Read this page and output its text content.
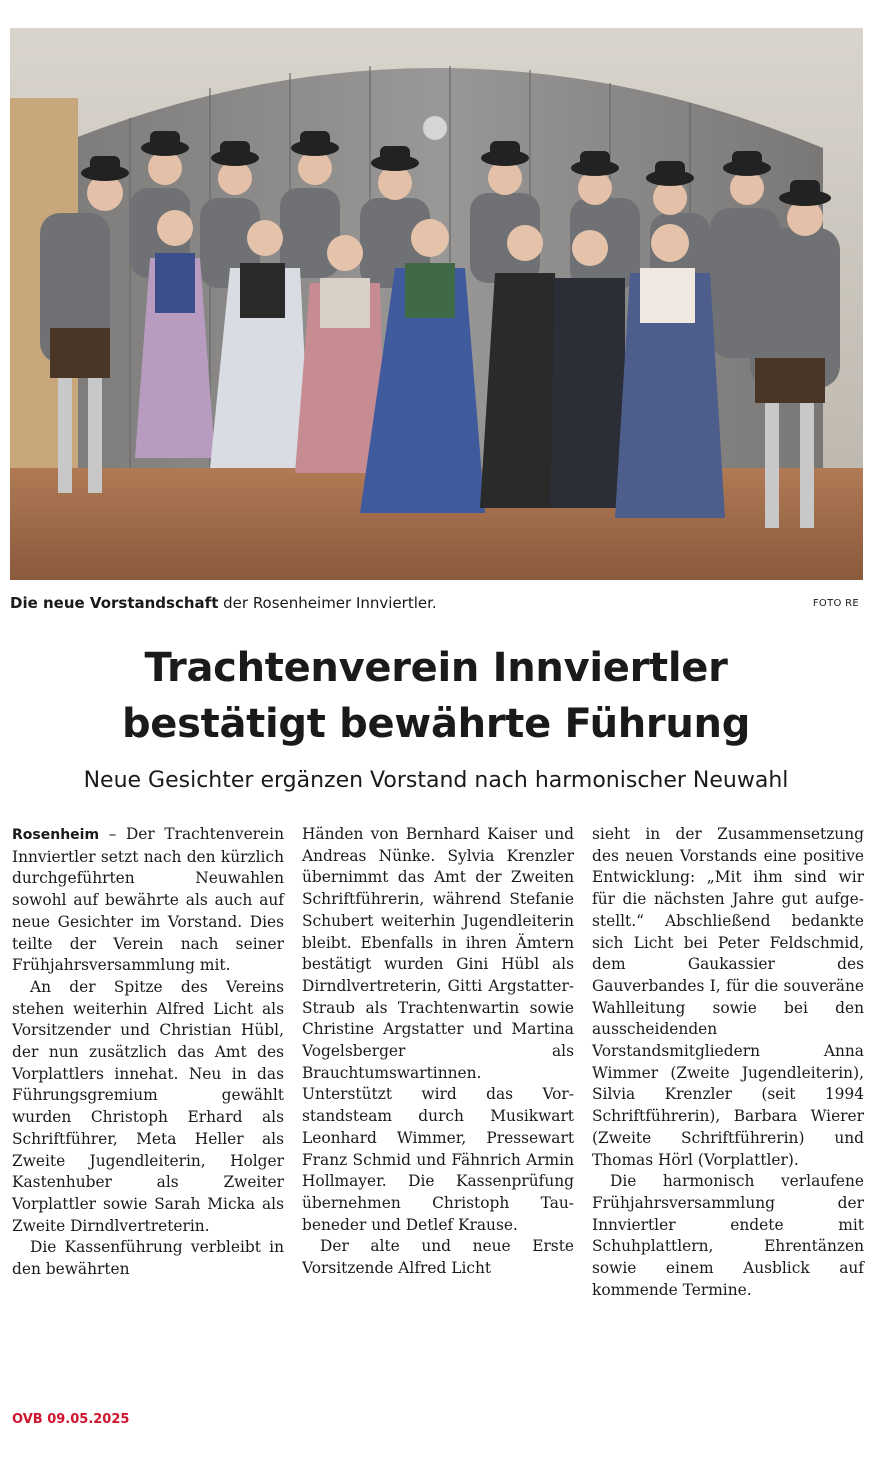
Die neue Vorstandschaft der Rosenheimer Innviertler.	FOTO RE
Trachtenverein Innviertler
bestätigt bewährte Führung
Neue Gesichter ergänzen Vorstand nach harmonischer Neuwahl

Rosenheim – Der Trachtenverein Innviertler setzt nach den kürzlich durchgeführten Neuwahlen sowohl auf bewährte als auch auf neue Gesichter im Vorstand. Dies teilte der Verein nach seiner Frühjahrsversammlung mit.

An der Spitze des Vereins stehen weiterhin Alfred Licht als Vorsitzender und Christian Hübl, der nun zusätzlich das Amt des Vorplattlers innehat. Neu in das Führungsgremium gewählt wurden Christoph Erhard als Schriftführer, Meta Heller als Zweite Jugendleiterin, Holger Kastenhuber als Zweiter Vorplattler sowie Sarah Micka als Zweite Dirndlvertreterin.

Die Kassenführung verbleibt in den bewährten

Händen von Bernhard Kaiser und Andreas Nünke. Sylvia Krenzler übernimmt das Amt der Zweiten Schriftführerin, während Stefanie Schubert weiterhin Jugendleiterin bleibt. Ebenfalls in ihren Ämtern bestätigt wurden Gini Hübl als Dirndlvertreterin, Gitti Argstatter-Straub als Trachtenwartin sowie Christine Argstatter und Martina Vogelsberger als Brauchtumswartinnen. Unterstützt wird das Vorstandsteam durch Musikwart Leonhard Wimmer, Pressewart Franz Schmid und Fähnrich Armin Hollmayer. Die Kassenprüfung übernehmen Christoph Taubeneder und Detlef Krause.

Der alte und neue Erste Vorsitzende Alfred Licht

sieht in der Zusammensetzung des neuen Vorstands eine positive Entwicklung: „Mit ihm sind wir für die nächsten Jahre gut aufgestellt.“ Abschließend bedankte sich Licht bei Peter Feldschmid, dem Gaukassier des Gauverbandes I, für die souveräne Wahlleitung sowie bei den ausscheidenden Vorstandsmitgliedern Anna Wimmer (Zweite Jugendleiterin), Silvia Krenzler (seit 1994 Schriftführerin), Barbara Wierer (Zweite Schriftführerin) und Thomas Hörl (Vorplattler).

Die harmonisch verlaufene Frühjahrsversammlung der Innviertler endete mit Schuhplattlern, Ehrentänzen sowie einem Ausblick auf kommende Termine.

OVB 09.05.2025
